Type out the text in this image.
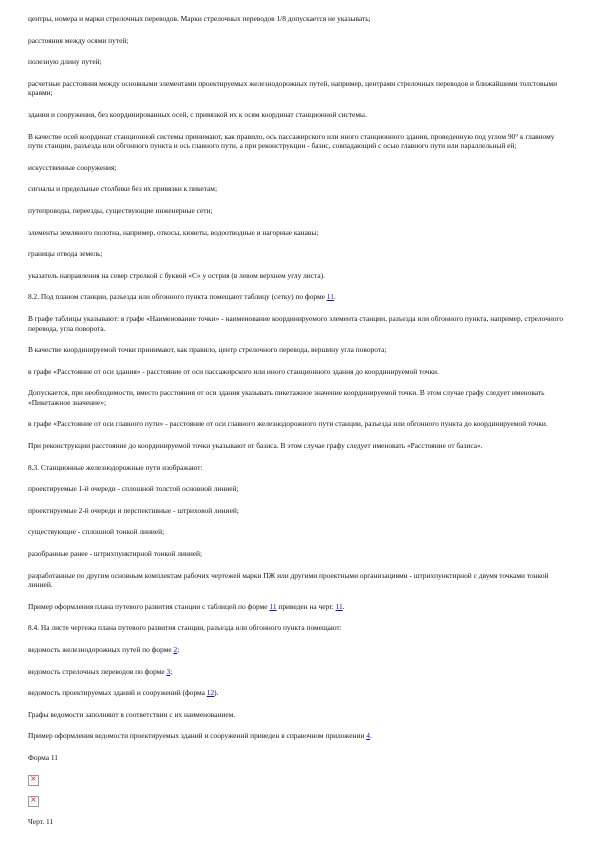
центры, номера и марки стрелочных переводов. Марки стрелочных переводов 1/8 допускается не указывать;

расстояния между осями путей;

полезную длину путей;

расчетные расстояния между основными элементами проектируемых железнодорожных путей, например, центрами стрелочных переводов и ближайшими толстовыми краями;

здания и сооружения, без координированных осей, с привязкой их к осям координат станционной системы.

В качестве осей координат станционной системы принимают, как правило, ось пассажирского или иного станционного здания, проведенную под углом 90° к главному пути станции, разъезда или обгонного пункта и ось главного пути, а при реконструкции - базис, совпадающий с осью главного пути или параллельный ей;

искусственные сооружения;

сигналы и предельные столбики без их привязки к пикетам;

путепроводы, переезды, существующие инженерные сети;

элементы земляного полотна, например, откосы, кюветы, водоотводные и нагорные канавы;

границы отвода земель;

указатель направления на север стрелкой с буквой «С» у острия (в левом верхнем углу листа).

8.2. Под планом станции, разъезда или обгонного пункта помещают таблицу (сетку) по форме 11.

В графе таблицы указывают: в графе «Наименование точки» - наименование координируемого элемента станции, разъезда или обгонного пункта, например, стрелочного перевода, угла поворота.

В качестве координируемой точки принимают, как правило, центр стрелочного перевода, вершину угла поворота;

в графе «Расстояние от оси здания» - расстояние от оси пассажирского или иного станционного здания до координируемой точки.

Допускается, при необходимости, вместо расстояния от оси здания указывать пикетажное значение координируемой точки. В этом случае графу следует именовать «Пикетажное значение»;

в графе «Расстояние от оси главного пути» - расстояние от оси главного железнодорожного пути станции, разъезда или обгонного пункта до координируемой точки.

При реконструкции расстояние до координируемой точки указывают от базиса. В этом случае графу следует именовать «Расстояние от базиса».

8.3. Станционные железнодорожные пути изображают:

проектируемые 1-й очереди - сплошной толстой основной линией;

проектируемые 2-й очереди и перспективные - штриховой линией;

существующие - сплошной тонкой линией;

разобранные ранее - штрихпунктирной тонкой линией;

разработанные по другим основным комплектам рабочих чертежей марки ПЖ или другими проектными организациями - штрихпунктирной с двумя точками тонкой линией.

Пример оформления плана путевого развития станции с таблицей по форме 11 приведен на черт. 11.

8.4. На листе чертежа плана путевого развития станции, разъезда или обгонного пункта помещают:

ведомость железнодорожных путей по форме 2;

ведомость стрелочных переводов по форме 3;

ведомость проектируемых зданий и сооружений (форма 12).

Графы ведомости заполняют в соответствии с их наименованием.

Пример оформления ведомости проектируемых зданий и сооружений приведен в справочном приложении 4.

Форма 11

×
×

Черт. 11
